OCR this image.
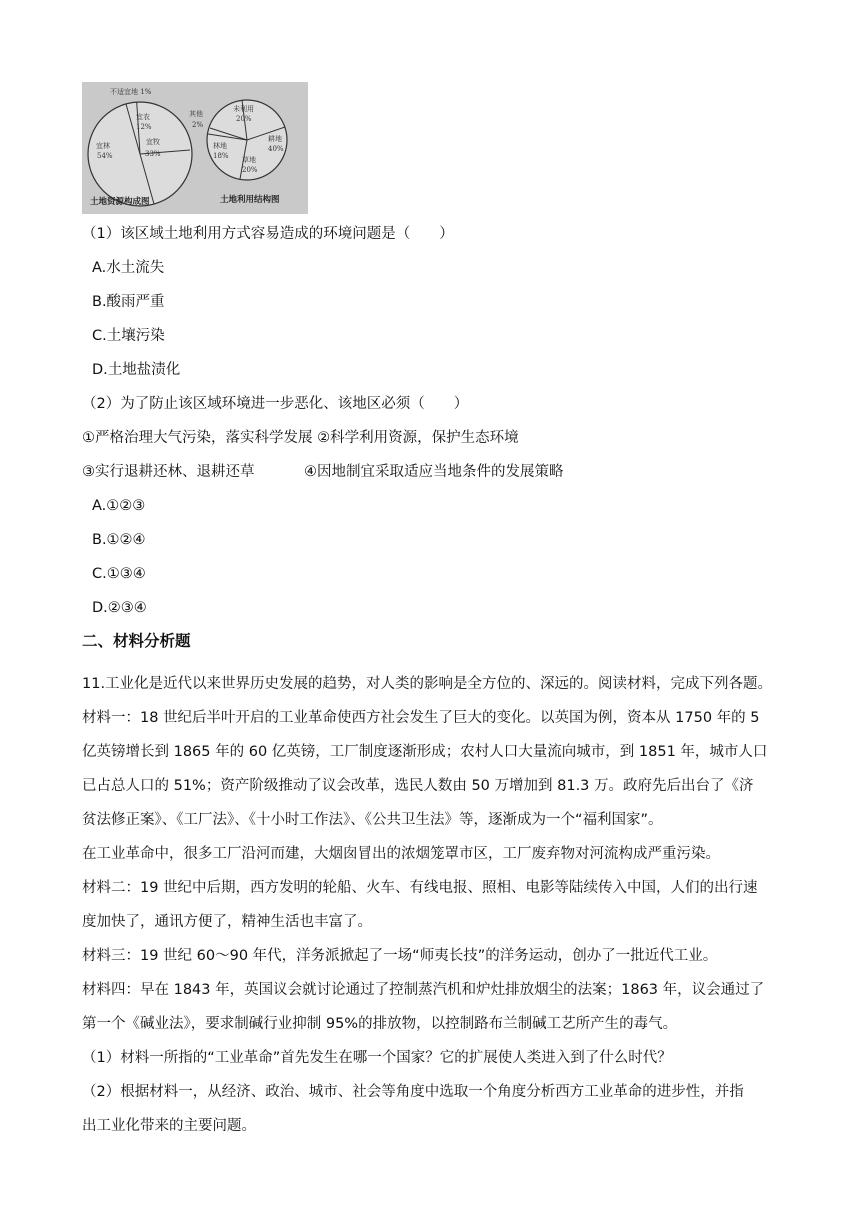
不适宜地 1%
宜农
12%
宜牧
33%
宜林
54%
土地资源构成图
未利用
20%
耕地
40%
草地
20%
林地
18%
其他
2%
土地利用结构图
（1）该区域土地利用方式容易造成的环境问题是（　　）
A.水土流失
B.酸雨严重
C.土壤污染
D.土地盐渍化
（2）为了防止该区域环境进一步恶化、该地区必须（　　）
①严格治理大气污染，落实科学发展 ②科学利用资源，保护生态环境
③实行退耕还林、退耕还草	④因地制宜采取适应当地条件的发展策略
A.①②③
B.①②④
C.①③④
D.②③④
二、材料分析题
11.工业化是近代以来世界历史发展的趋势，对人类的影响是全方位的、深远的。阅读材料，完成下列各题。
材料一：18 世纪后半叶开启的工业革命使西方社会发生了巨大的变化。以英国为例，资本从 1750 年的 5
亿英镑增长到 1865 年的 60 亿英镑，工厂制度逐渐形成；农村人口大量流向城市，到 1851 年，城市人口
已占总人口的 51%；资产阶级推动了议会改革，选民人数由 50 万增加到 81.3 万。政府先后出台了《济
贫法修正案》、《工厂法》、《十小时工作法》、《公共卫生法》等，逐渐成为一个“福利国家”。
在工业革命中，很多工厂沿河而建，大烟囱冒出的浓烟笼罩市区，工厂废弃物对河流构成严重污染。
材料二：19 世纪中后期，西方发明的轮船、火车、有线电报、照相、电影等陆续传入中国，人们的出行速
度加快了，通讯方便了，精神生活也丰富了。
材料三：19 世纪 60～90 年代，洋务派掀起了一场“师夷长技”的洋务运动，创办了一批近代工业。
材料四：早在 1843 年，英国议会就讨论通过了控制蒸汽机和炉灶排放烟尘的法案；1863 年，议会通过了
第一个《碱业法》，要求制碱行业抑制 95%的排放物，以控制路布兰制碱工艺所产生的毒气。
（1）材料一所指的“工业革命”首先发生在哪一个国家？它的扩展使人类进入到了什么时代？
（2）根据材料一，从经济、政治、城市、社会等角度中选取一个角度分析西方工业革命的进步性，并指
出工业化带来的主要问题。
